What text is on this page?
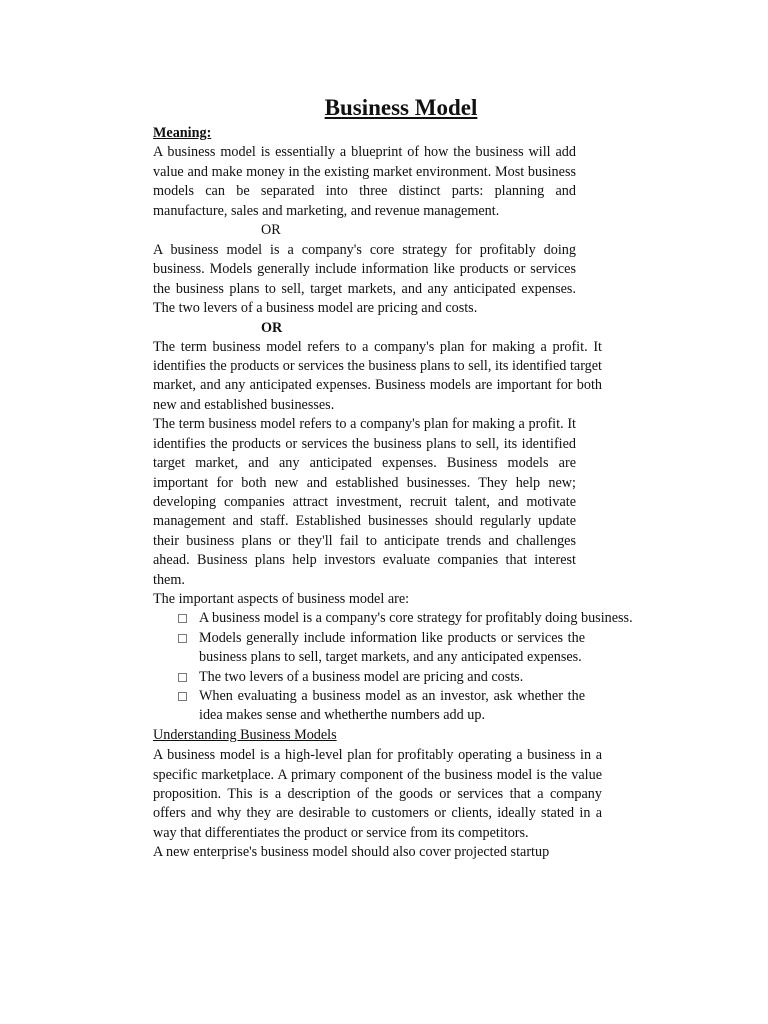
Business Model
Meaning:

A business model is essentially a blueprint of how the business will add value and make money in the existing market environment. Most business models can be separated into three distinct parts: planning and manufacture, sales and marketing, and revenue management.

OR

A business model is a company's core strategy for profitably doing business. Models generally include information like products or services the business plans to sell, target markets, and any anticipated expenses. The two levers of a business model are pricing and costs.

OR

The term business model refers to a company's plan for making a profit. It identifies the products or services the business plans to sell, its identified target market, and any anticipated expenses. Business models are important for both new and established businesses.

The term business model refers to a company's plan for making a profit. It identifies the products or services the business plans to sell, its identified target market, and any anticipated expenses. Business models are important for both new and established businesses. They help new; developing companies attract investment, recruit talent, and motivate management and staff. Established businesses should regularly update their business plans or they'll fail to anticipate trends and challenges ahead. Business plans help investors evaluate companies that interest them.

The important aspects of business model are:
A business model is a company's core strategy for profitably doing business.
Models generally include information like products or services the business plans to sell, target markets, and any anticipated expenses.
The two levers of a business model are pricing and costs.
When evaluating a business model as an investor, ask whether the idea makes sense and whetherthe numbers add up.
Understanding Business Models

A business model is a high-level plan for profitably operating a business in a specific marketplace. A primary component of the business model is the value proposition. This is a description of the goods or services that a company offers and why they are desirable to customers or clients, ideally stated in a way that differentiates the product or service from its competitors.

A new enterprise's business model should also cover projected startup
